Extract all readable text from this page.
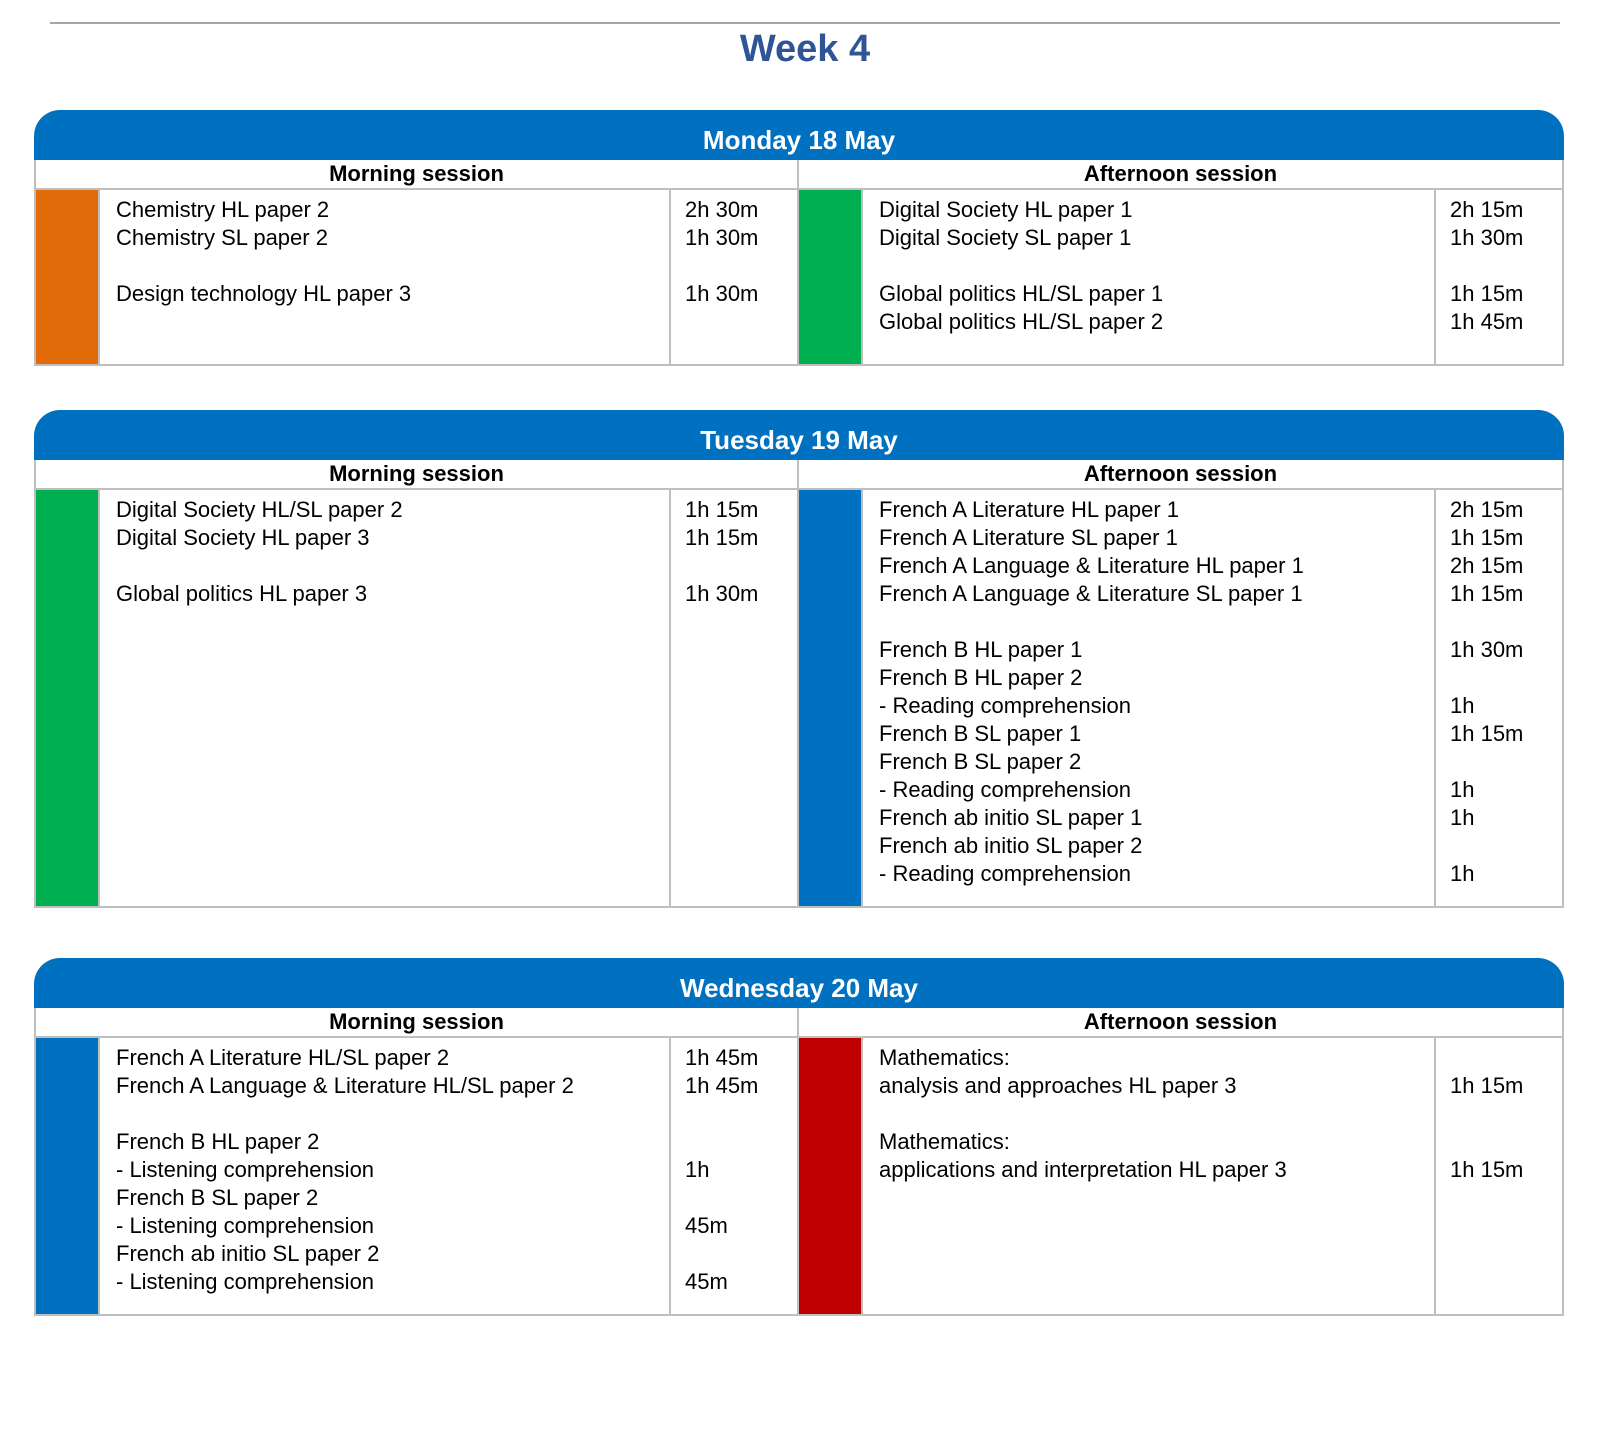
Week 4
Monday 18 May
Morning session
Chemistry HL paper 2
Chemistry SL paper 2
Design technology HL paper 3
2h 30m
1h 30m
1h 30m
Afternoon session
Digital Society HL paper 1
Digital Society SL paper 1
Global politics HL/SL paper 1
Global politics HL/SL paper 2
2h 15m
1h 30m
1h 15m
1h 45m
Tuesday 19 May
Morning session
Digital Society HL/SL paper 2
Digital Society HL paper 3
Global politics HL paper 3
1h 15m
1h 15m
1h 30m
Afternoon session
French A Literature HL paper 1
French A Literature SL paper 1
French A Language & Literature HL paper 1
French A Language & Literature SL paper 1
French B HL paper 1
French B HL paper 2
- Reading comprehension
French B SL paper 1
French B SL paper 2
- Reading comprehension
French ab initio SL paper 1
French ab initio SL paper 2
- Reading comprehension
2h 15m
1h 15m
2h 15m
1h 15m
1h 30m
1h
1h 15m
1h
1h
1h
Wednesday 20 May
Morning session
French A Literature HL/SL paper 2
French A Language & Literature HL/SL paper 2
French B HL paper 2
- Listening comprehension
French B SL paper 2
- Listening comprehension
French ab initio SL paper 2
- Listening comprehension
1h 45m
1h 45m
1h
45m
45m
Afternoon session
Mathematics:
analysis and approaches HL paper 3
Mathematics:
applications and interpretation HL paper 3
1h 15m
1h 15m
